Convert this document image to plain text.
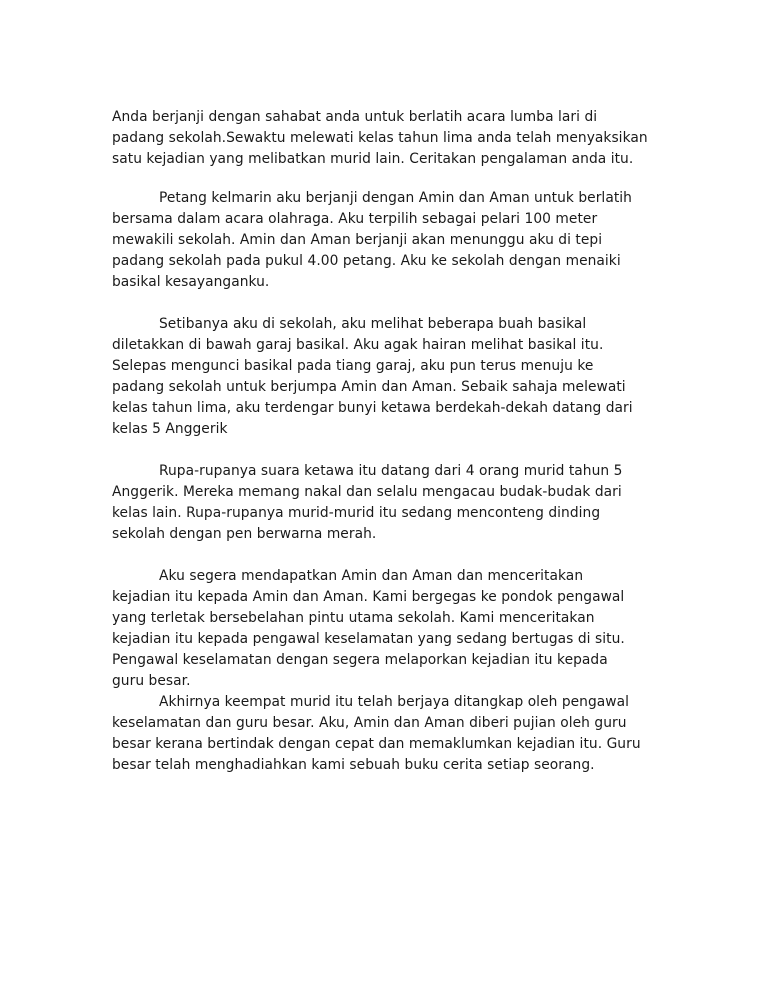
Anda berjanji dengan sahabat anda untuk berlatih acara lumba lari di padang sekolah.Sewaktu melewati kelas tahun lima anda telah menyaksikan satu kejadian yang melibatkan murid lain. Ceritakan pengalaman anda itu.

Petang kelmarin aku berjanji dengan Amin dan Aman untuk berlatih bersama dalam acara olahraga. Aku terpilih sebagai pelari 100 meter mewakili sekolah. Amin dan Aman berjanji akan menunggu aku di tepi padang sekolah pada pukul 4.00 petang. Aku ke sekolah dengan menaiki basikal kesayanganku.

Setibanya aku di sekolah, aku melihat beberapa buah basikal diletakkan di bawah garaj basikal. Aku agak hairan melihat basikal itu. Selepas mengunci basikal pada tiang garaj, aku pun terus menuju ke padang sekolah untuk berjumpa Amin dan Aman. Sebaik sahaja melewati kelas tahun lima, aku terdengar bunyi ketawa berdekah-dekah datang dari kelas 5 Anggerik

Rupa-rupanya suara ketawa itu datang dari 4 orang murid tahun 5 Anggerik. Mereka memang nakal dan selalu mengacau budak-budak dari kelas lain. Rupa-rupanya murid-murid itu sedang menconteng dinding sekolah dengan pen berwarna merah.

Aku segera mendapatkan Amin dan Aman dan menceritakan kejadian itu kepada Amin dan Aman. Kami bergegas ke pondok pengawal yang terletak bersebelahan pintu utama sekolah. Kami menceritakan kejadian itu kepada pengawal keselamatan yang sedang bertugas di situ. Pengawal keselamatan dengan segera melaporkan kejadian itu kepada guru besar.

Akhirnya keempat murid itu telah berjaya ditangkap oleh pengawal keselamatan dan guru besar. Aku, Amin dan Aman diberi pujian oleh guru besar kerana bertindak dengan cepat dan memaklumkan kejadian itu. Guru besar telah menghadiahkan kami sebuah buku cerita setiap seorang.
